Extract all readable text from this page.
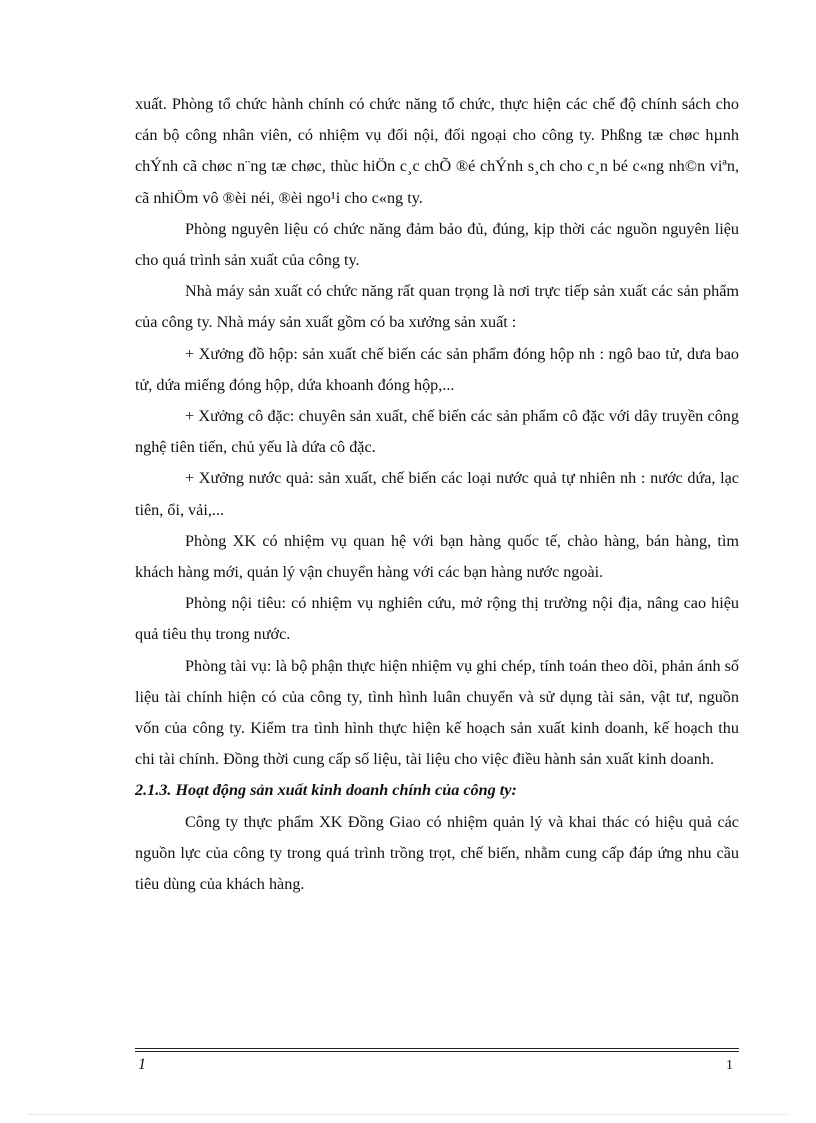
xuất. Phòng tổ chức hành chính có chức năng tổ chức, thực hiện các chế độ chính sách cho cán bộ công nhân viên, có nhiệm vụ đối nội, đối ngoại cho công ty. Phßng tæ chøc hµnh chÝnh cã chøc n¨ng tæ chøc, thùc hiÖn c¸c chÕ ®é chÝnh s¸ch cho c¸n bé c«ng nh©n viªn, cã nhiÖm vô ®èi néi, ®èi ngo¹i cho c«ng ty.

Phòng nguyên liệu có chức năng đảm bảo đủ, đúng, kịp thời các nguồn nguyên liệu cho quá trình sản xuất của công ty.

Nhà máy sản xuất có chức năng rất quan trọng là nơi trực tiếp sản xuất các sản phẩm của công ty. Nhà máy sản xuất gồm có ba xưởng sản xuất :

+ Xưởng đồ hộp: sản xuất chế biến các sản phẩm đóng hộp nh : ngô bao tử, dưa bao tử, dứa miếng đóng hộp, dứa khoanh đóng hộp,...

+ Xưởng cô đặc: chuyên sản xuất, chế biến các sản phẩm cô đặc với dây truyền công nghệ tiên tiến, chủ yếu là dứa cô đặc.

+ Xưởng nước quả: sản xuất, chế biến các loại nước quả tự nhiên nh : nước dứa, lạc tiên, ổi, vải,...

Phòng XK có nhiệm vụ quan hệ với bạn hàng quốc tế, chào hàng, bán hàng, tìm khách hàng mới, quản lý vận chuyển hàng với các bạn hàng nước ngoài.

Phòng nội tiêu: có nhiệm vụ nghiên cứu, mở rộng thị trường nội địa, nâng cao hiệu quả tiêu thụ trong nước.

Phòng tài vụ: là bộ phận thực hiện nhiệm vụ ghi chép, tính toán theo dõi, phản ánh số liệu tài chính hiện có của công ty, tình hình luân chuyển và sử dụng tài sản, vật tư, nguồn vốn của công ty. Kiểm tra tình hình thực hiện kế hoạch sản xuất kinh doanh, kế hoạch thu chi tài chính. Đồng thời cung cấp số liệu, tài liệu cho việc điều hành sản xuất kinh doanh.

2.1.3. Hoạt động sản xuất kinh doanh chính của công ty:

Công ty thực phẩm XK Đồng Giao có nhiệm quản lý và khai thác có hiệu quả các nguồn lực của công ty trong quá trình trồng trọt, chế biến, nhằm cung cấp đáp ứng nhu cầu tiêu dùng của khách hàng.

1	1
